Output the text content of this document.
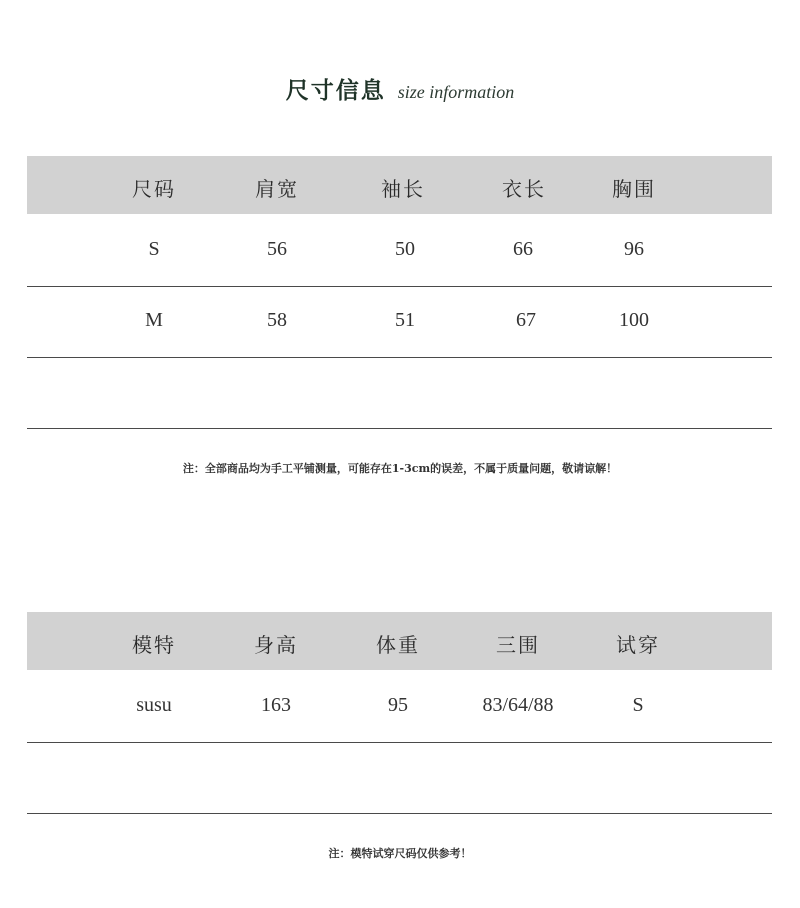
尺寸信息 size information
尺码	肩宽	袖长	衣长	胸围
S	56	50	66	96
M	58	51	67	100
注：全部商品均为手工平铺测量，可能存在1-3cm的误差，不属于质量问题，敬请谅解！
模特	身高	体重	三围	试穿
susu	163	95	83/64/88	S
注：模特试穿尺码仅供参考！
